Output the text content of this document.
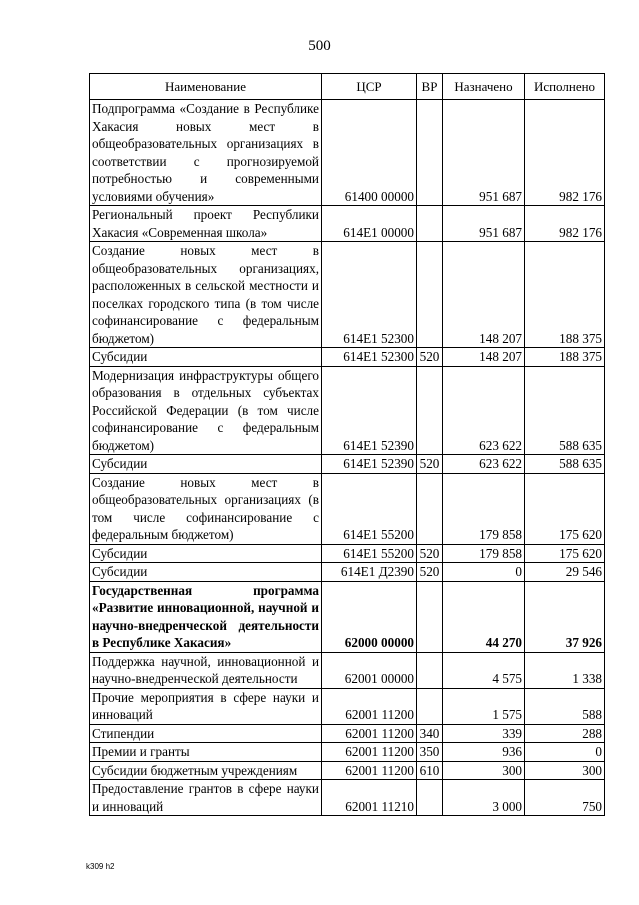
500
Наименование	ЦСР	ВР	Назначено	Исполнено
Подпрограмма «Создание в Республике Хакасия новых мест в общеобразовательных организациях в соответствии с прогнозируемой потребностью и современными условиями обучения»	61400 00000		951 687	982 176
Региональный проект Республики Хакасия «Современная школа»	614E1 00000		951 687	982 176
Создание новых мест в общеобразовательных организациях, расположенных в сельской местности и поселках городского типа (в том числе софинансирование с федеральным бюджетом)	614E1 52300		148 207	188 375
Субсидии	614E1 52300	520	148 207	188 375
Модернизация инфраструктуры общего образования в отдельных субъектах Российской Федерации (в том числе софинансирование с федеральным бюджетом)	614E1 52390		623 622	588 635
Субсидии	614E1 52390	520	623 622	588 635
Создание новых мест в общеобразовательных организациях (в том числе софинансирование с федеральным бюджетом)	614E1 55200		179 858	175 620
Субсидии	614E1 55200	520	179 858	175 620
Субсидии	614E1 Д2390	520	0	29 546
Государственная программа «Развитие инновационной, научной и научно-внедренческой деятельности в Республике Хакасия»	62000 00000		44 270	37 926
Поддержка научной, инновационной и научно-внедренческой деятельности	62001 00000		4 575	1 338
Прочие мероприятия в сфере науки и инноваций	62001 11200		1 575	588
Стипендии	62001 11200	340	339	288
Премии и гранты	62001 11200	350	936	0
Субсидии бюджетным учреждениям	62001 11200	610	300	300
Предоставление грантов в сфере науки и инноваций	62001 11210		3 000	750
k309 h2
